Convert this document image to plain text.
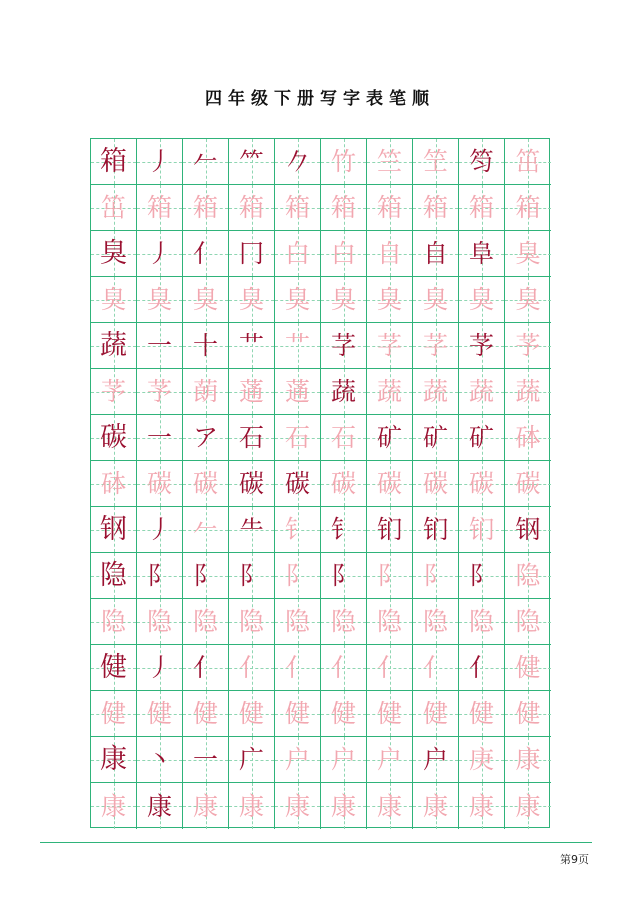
四年级下册写字表笔顺
箱 丿 𠂉 ⺮ 𠂊 竹 竺 笁 笉 笜
笜 箱 箱 箱 箱 箱 箱 箱 箱 箱
臭 丿 亻 冂 白 白 自 自 阜 臭
臭 臭 臭 臭 臭 臭 臭 臭 臭 臭
蔬 一 十 艹 艹 芓 芓 芓 芧 芧
芧 芧 蓢 蓪 蓪 蔬 蔬 蔬 蔬 蔬
碳 一 ア 石 石 石 矿 矿 矿 砵
砵 碳 碳 碳 碳 碳 碳 碳 碳 碳
钢 丿 𠂉 ⺧ 钅 钅 钔 钔 钔 钢
隐 阝 阝 阝 阝 阝 阝 阝 阝 隐
隐 隐 隐 隐 隐 隐 隐 隐 隐 隐
健 丿 亻 亻 亻 亻 亻 亻 亻 健
健 健 健 健 健 健 健 健 健 健
康 丶 一 广 户 户 户 户 庚 康
康 康 康 康 康 康 康 康 康 康
第9页
